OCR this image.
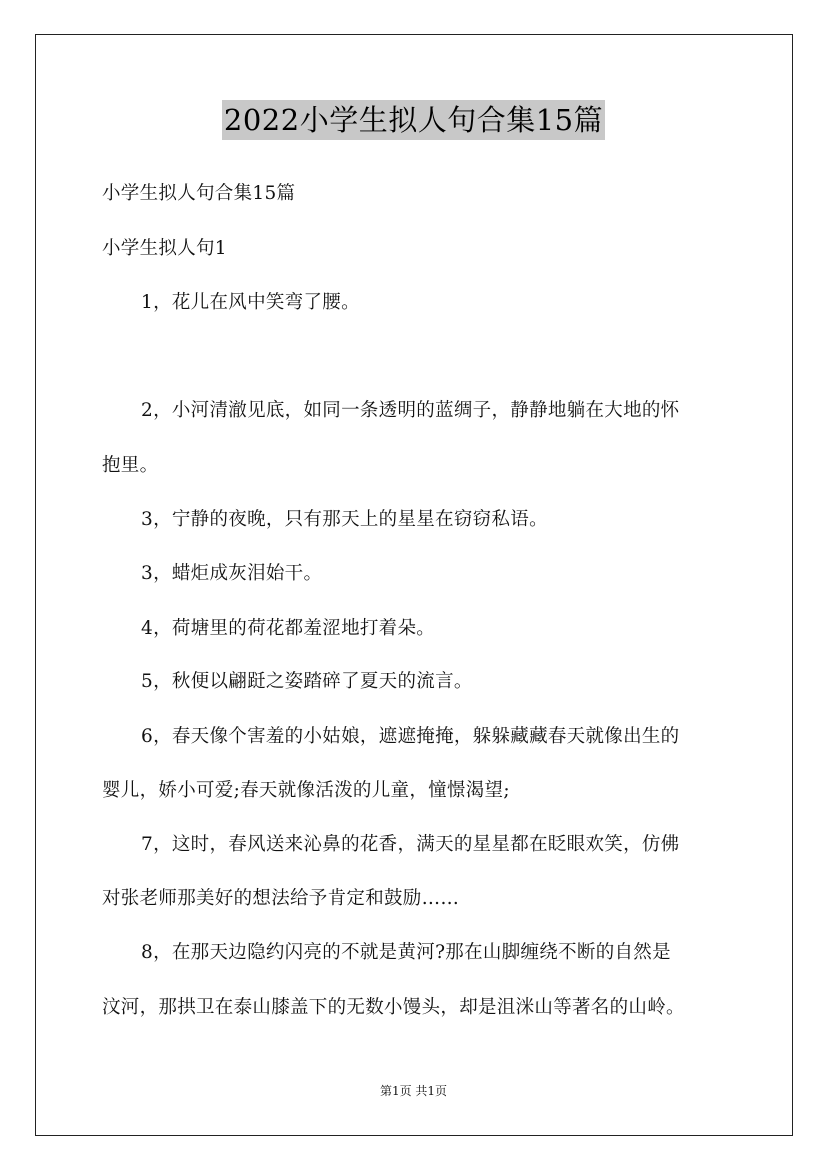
2022小学生拟人句合集15篇
小学生拟人句合集15篇
小学生拟人句1
1，花儿在风中笑弯了腰。
2，小河清澈见底，如同一条透明的蓝绸子，静静地躺在大地的怀
抱里。
3，宁静的夜晚，只有那天上的星星在窃窃私语。
3，蜡炬成灰泪始干。
4，荷塘里的荷花都羞涩地打着朵。
5，秋便以翩跹之姿踏碎了夏天的流言。
6，春天像个害羞的小姑娘，遮遮掩掩，躲躲藏藏春天就像出生的
婴儿，娇小可爱;春天就像活泼的儿童，憧憬渴望;
7，这时，春风送来沁鼻的花香，满天的星星都在眨眼欢笑，仿佛
对张老师那美好的想法给予肯定和鼓励……
8，在那天边隐约闪亮的不就是黄河?那在山脚缠绕不断的自然是
汶河，那拱卫在泰山膝盖下的无数小馒头，却是沮洣山等著名的山岭。
第1页 共1页
